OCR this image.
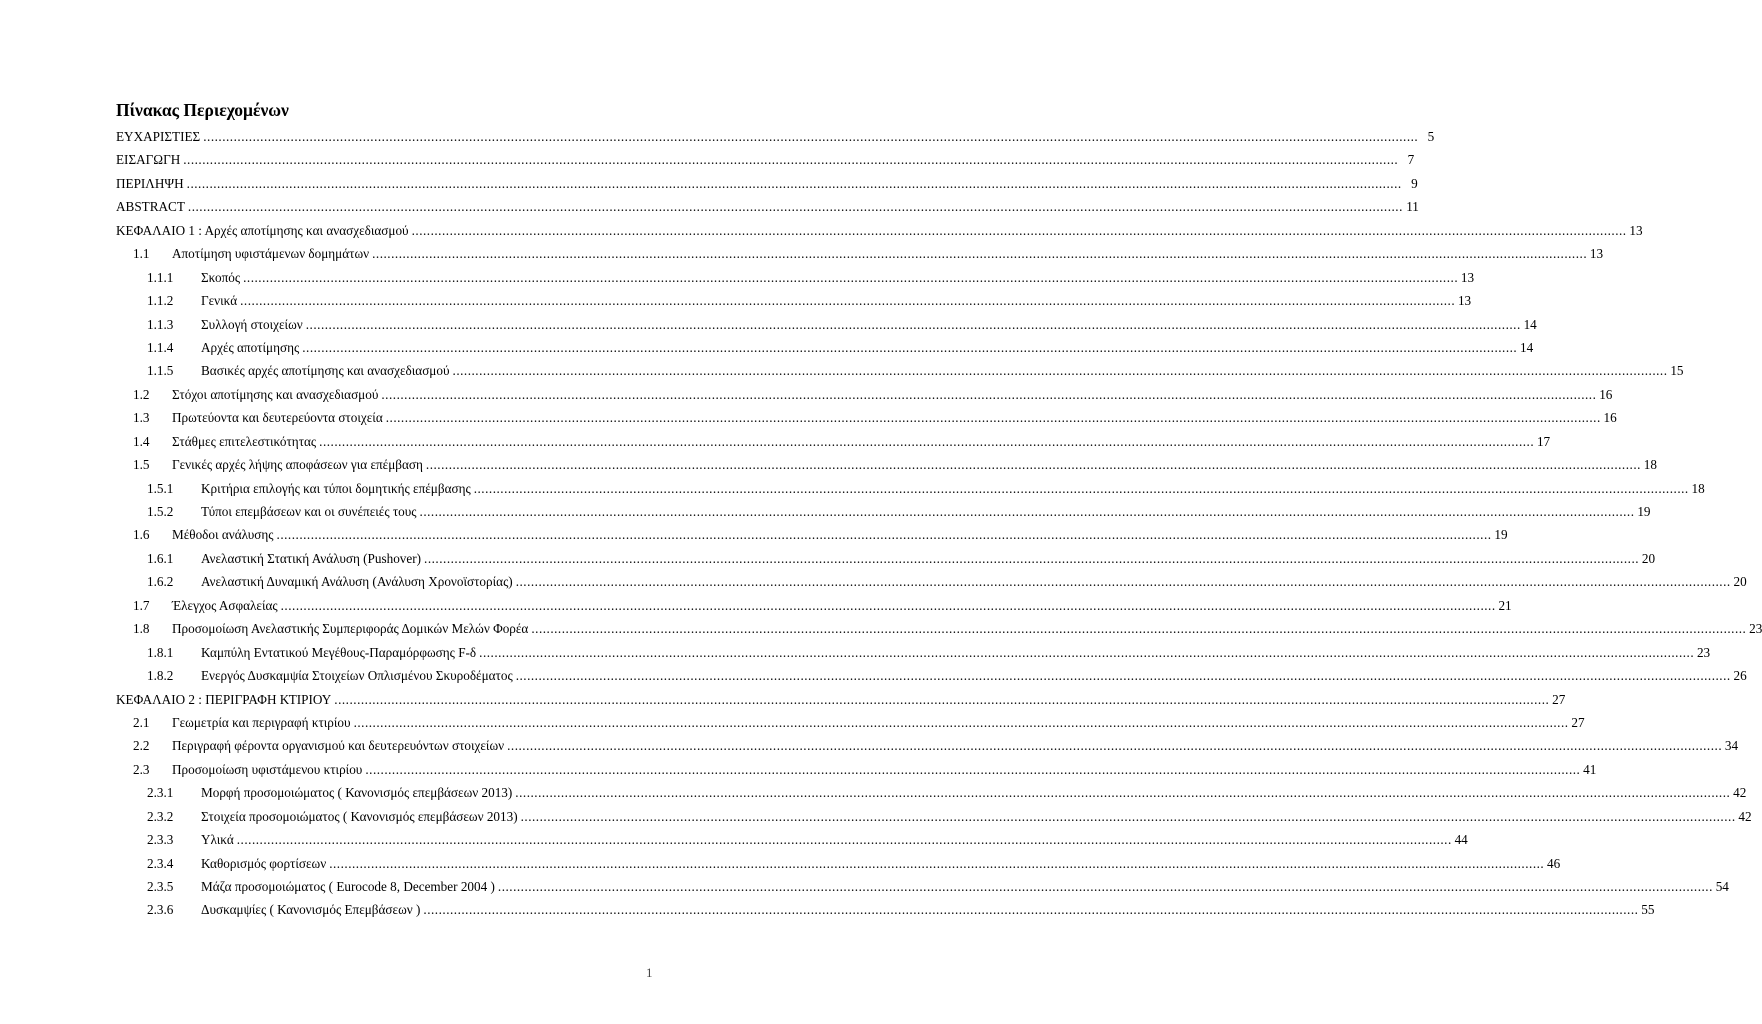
Πίνακας Περιεχομένων
ΕΥΧΑΡΙΣΤΙΕΣ .....	5
ΕΙΣΑΓΩΓΗ .....	7
ΠΕΡΙΛΗΨΗ .....	9
ABSTRACT .....	11
ΚΕΦΑΛΑΙΟ 1 : Αρχές αποτίμησης και ανασχεδιασμού .....	13
1.1	Αποτίμηση υφιστάμενων δομημάτων .....	13
1.1.1	Σκοπός .....	13
1.1.2	Γενικά .....	13
1.1.3	Συλλογή στοιχείων .....	14
1.1.4	Αρχές αποτίμησης .....	14
1.1.5	Βασικές αρχές αποτίμησης και ανασχεδιασμού .....	15
1.2	Στόχοι αποτίμησης και ανασχεδιασμού .....	16
1.3	Πρωτεύοντα και δευτερεύοντα στοιχεία .....	16
1.4	Στάθμες επιτελεστικότητας .....	17
1.5	Γενικές αρχές λήψης αποφάσεων για επέμβαση .....	18
1.5.1	Κριτήρια επιλογής και τύποι δομητικής επέμβασης .....	18
1.5.2	Τύποι επεμβάσεων και οι συνέπειές τους .....	19
1.6	Μέθοδοι ανάλυσης .....	19
1.6.1	Ανελαστική Στατική Ανάλυση (Pushover) .....	20
1.6.2	Ανελαστική Δυναμική Ανάλυση (Ανάλυση Χρονοϊστορίας) .....	20
1.7	Έλεγχος Ασφαλείας .....	21
1.8	Προσομοίωση Ανελαστικής Συμπεριφοράς Δομικών Μελών Φορέα .....	23
1.8.1	Καμπύλη Εντατικού Μεγέθους-Παραμόρφωσης F-δ .....	23
1.8.2	Ενεργός Δυσκαμψία Στοιχείων Οπλισμένου Σκυροδέματος .....	26
ΚΕΦΑΛΑΙΟ 2 : ΠΕΡΙΓΡΑΦΗ ΚΤΙΡΙΟΥ .....	27
2.1	Γεωμετρία και περιγραφή κτιρίου .....	27
2.2	Περιγραφή φέροντα οργανισμού και δευτερευόντων στοιχείων .....	34
2.3	Προσομοίωση υφιστάμενου κτιρίου .....	41
2.3.1	Μορφή προσομοιώματος ( Κανονισμός επεμβάσεων 2013) .....	42
2.3.2	Στοιχεία προσομοιώματος ( Κανονισμός επεμβάσεων 2013) .....	42
2.3.3	Υλικά .....	44
2.3.4	Καθορισμός φορτίσεων .....	46
2.3.5	Μάζα προσομοιώματος ( Eurocode 8, December 2004 ) .....	54
2.3.6	Δυσκαμψίες ( Κανονισμός Επεμβάσεων ) .....	55
1
